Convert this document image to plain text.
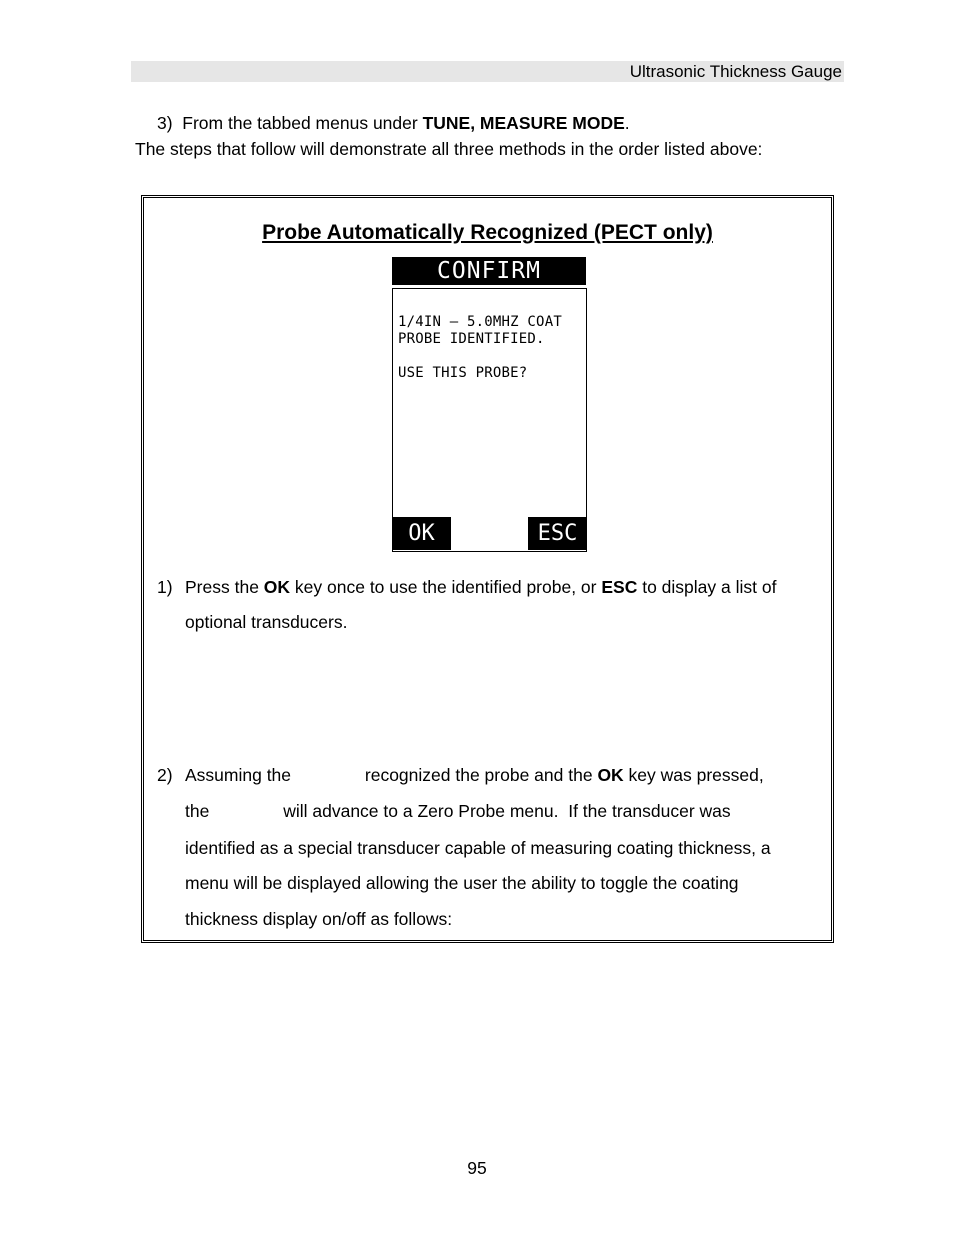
Ultrasonic Thickness Gauge
3)  From the tabbed menus under TUNE, MEASURE MODE.
The steps that follow will demonstrate all three methods in the order listed above:
Probe Automatically Recognized (PECT only)
CONFIRM
1/4IN – 5.0MHZ COAT
PROBE IDENTIFIED.
USE THIS PROBE?
OK	ESC
1) Press the OK key once to use the identified probe, or ESC to display a list of
optional transducers.
2) Assuming the	recognized the probe and the OK key was pressed,
the	will advance to a Zero Probe menu.  If the transducer was
identified as a special transducer capable of measuring coating thickness, a
menu will be displayed allowing the user the ability to toggle the coating
thickness display on/off as follows:
95
